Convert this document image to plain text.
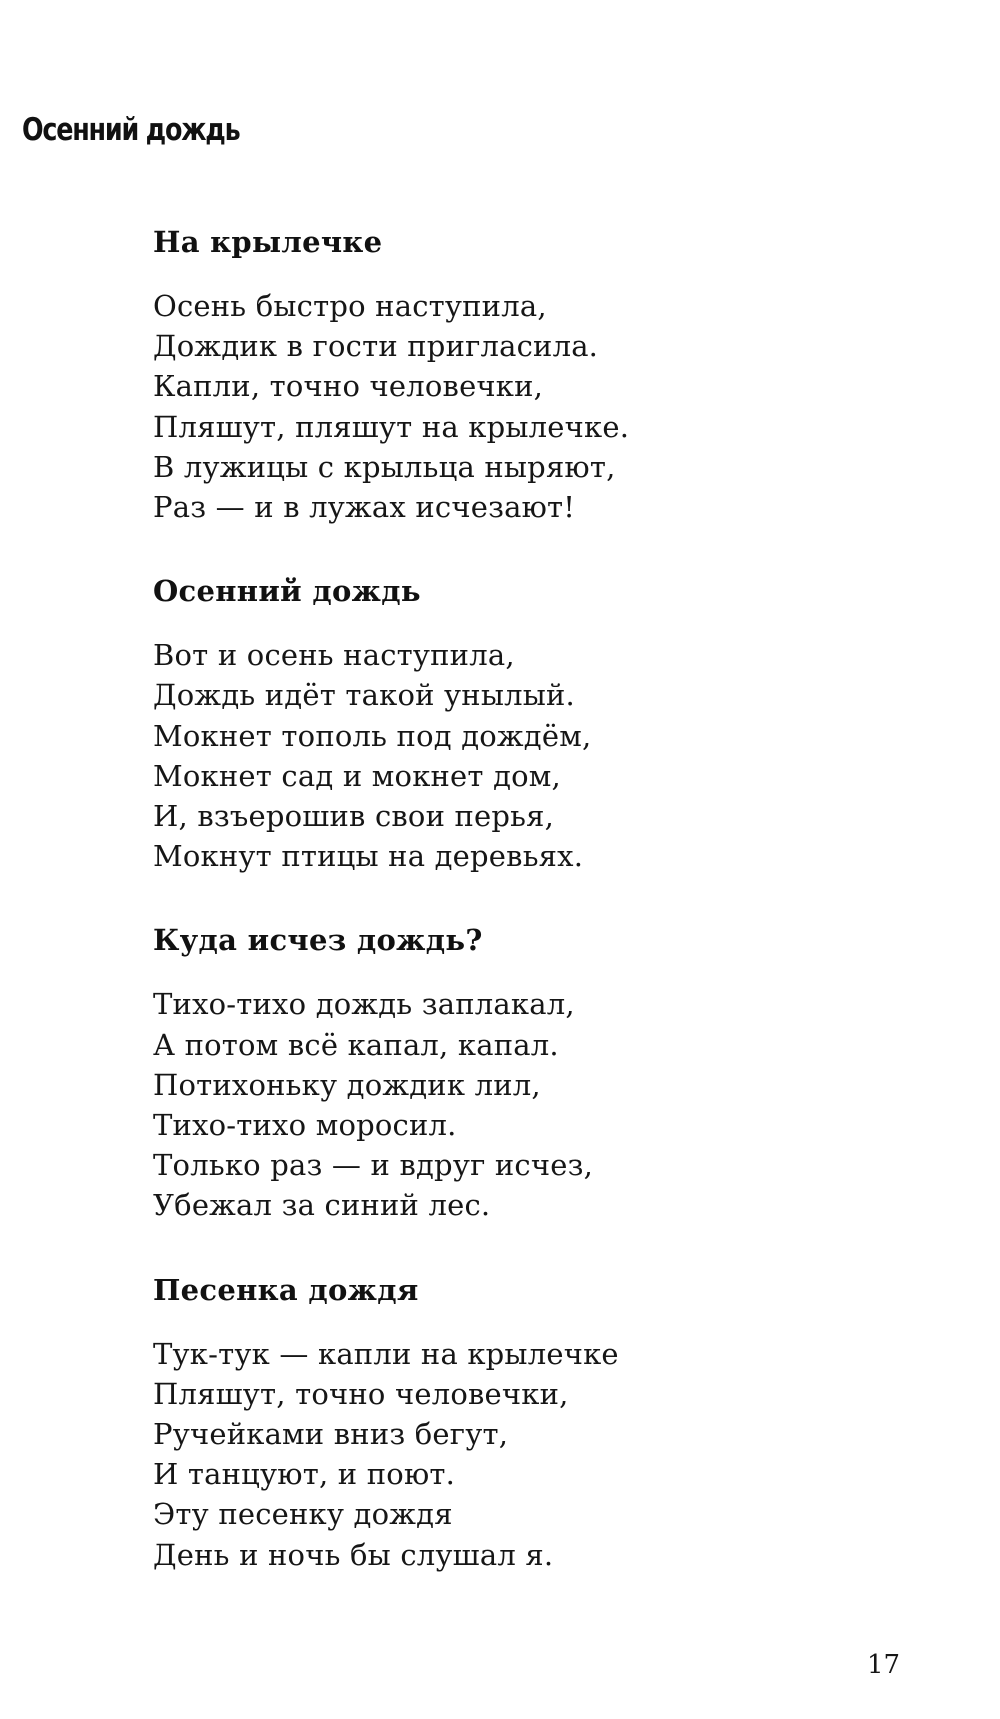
Осенний дождь
На крылечке
Осень быстро наступила,
Дождик в гости пригласила.
Капли, точно человечки,
Пляшут, пляшут на крылечке.
В лужицы с крыльца ныряют,
Раз — и в лужах исчезают!
Осенний дождь
Вот и осень наступила,
Дождь идёт такой унылый.
Мокнет тополь под дождём,
Мокнет сад и мокнет дом,
И, взъерошив свои перья,
Мокнут птицы на деревьях.
Куда исчез дождь?
Тихо-тихо дождь заплакал,
А потом всё капал, капал.
Потихоньку дождик лил,
Тихо-тихо моросил.
Только раз — и вдруг исчез,
Убежал за синий лес.
Песенка дождя
Тук-тук — капли на крылечке
Пляшут, точно человечки,
Ручейками вниз бегут,
И танцуют, и поют.
Эту песенку дождя
День и ночь бы слушал я.
17
